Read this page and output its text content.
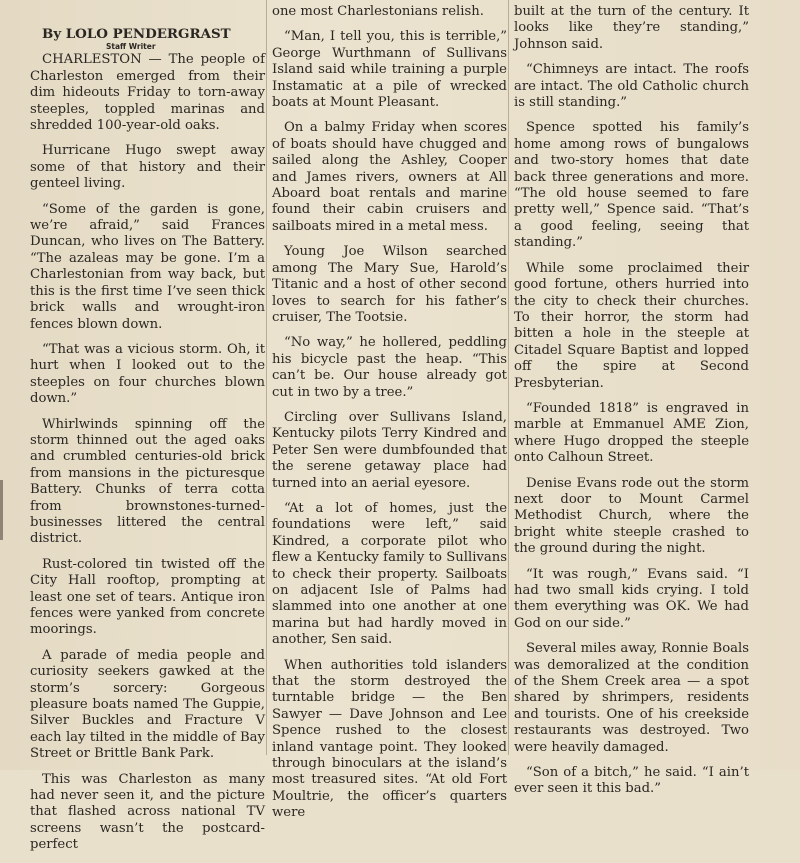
By LOLO PENDERGRAST
Staff Writer

CHARLESTON — The people of Charleston emerged from their dim hideouts Friday to torn-away steeples, toppled marinas and shredded 100-year-old oaks.

Hurricane Hugo swept away some of that history and their genteel living.

“Some of the garden is gone, we’re afraid,” said Frances Duncan, who lives on The Battery. “The azaleas may be gone. I’m a Charlestonian from way back, but this is the first time I’ve seen thick brick walls and wrought-iron fences blown down.

“That was a vicious storm. Oh, it hurt when I looked out to the steeples on four churches blown down.”

Whirlwinds spinning off the storm thinned out the aged oaks and crumbled centuries-old brick from mansions in the picturesque Battery. Chunks of terra cotta from brownstones-turned-businesses littered the central district.

Rust-colored tin twisted off the City Hall rooftop, prompting at least one set of tears. Antique iron fences were yanked from concrete moorings.

A parade of media people and curiosity seekers gawked at the storm’s sorcery: Gorgeous pleasure boats named The Guppie, Silver Buckles and Fracture V each lay tilted in the middle of Bay Street or Brittle Bank Park.

This was Charleston as many had never seen it, and the picture that flashed across national TV screens wasn’t the postcard-perfect

one most Charlestonians relish.

“Man, I tell you, this is terrible,” George Wurthmann of Sullivans Island said while training a purple Instamatic at a pile of wrecked boats at Mount Pleasant.

On a balmy Friday when scores of boats should have chugged and sailed along the Ashley, Cooper and James rivers, owners at All Aboard boat rentals and marine found their cabin cruisers and sailboats mired in a metal mess.

Young Joe Wilson searched among The Mary Sue, Harold’s Titanic and a host of other second loves to search for his father’s cruiser, The Tootsie.

“No way,” he hollered, peddling his bicycle past the heap. “This can’t be. Our house already got cut in two by a tree.”

Circling over Sullivans Island, Kentucky pilots Terry Kindred and Peter Sen were dumbfounded that the serene getaway place had turned into an aerial eyesore.

“At a lot of homes, just the foundations were left,” said Kindred, a corporate pilot who flew a Kentucky family to Sullivans to check their property. Sailboats on adjacent Isle of Palms had slammed into one another at one marina but had hardly moved in another, Sen said.

When authorities told islanders that the storm destroyed the turntable bridge — the Ben Sawyer — Dave Johnson and Lee Spence rushed to the closest inland vantage point. They looked through binoculars at the island’s most treasured sites. “At old Fort Moultrie, the officer’s quarters were

built at the turn of the century. It looks like they’re standing,” Johnson said.

“Chimneys are intact. The roofs are intact. The old Catholic church is still standing.”

Spence spotted his family’s home among rows of bungalows and two-story homes that date back three generations and more. “The old house seemed to fare pretty well,” Spence said. “That’s a good feeling, seeing that standing.”

While some proclaimed their good fortune, others hurried into the city to check their churches. To their horror, the storm had bitten a hole in the steeple at Citadel Square Baptist and lopped off the spire at Second Presbyterian.

“Founded 1818” is engraved in marble at Emmanuel AME Zion, where Hugo dropped the steeple onto Calhoun Street.

Denise Evans rode out the storm next door to Mount Carmel Methodist Church, where the bright white steeple crashed to the ground during the night.

“It was rough,” Evans said. “I had two small kids crying. I told them everything was OK. We had God on our side.”

Several miles away, Ronnie Boals was demoralized at the condition of the Shem Creek area — a spot shared by shrimpers, residents and tourists. One of his creekside restaurants was destroyed. Two were heavily damaged.

“Son of a bitch,” he said. “I ain’t ever seen it this bad.”
